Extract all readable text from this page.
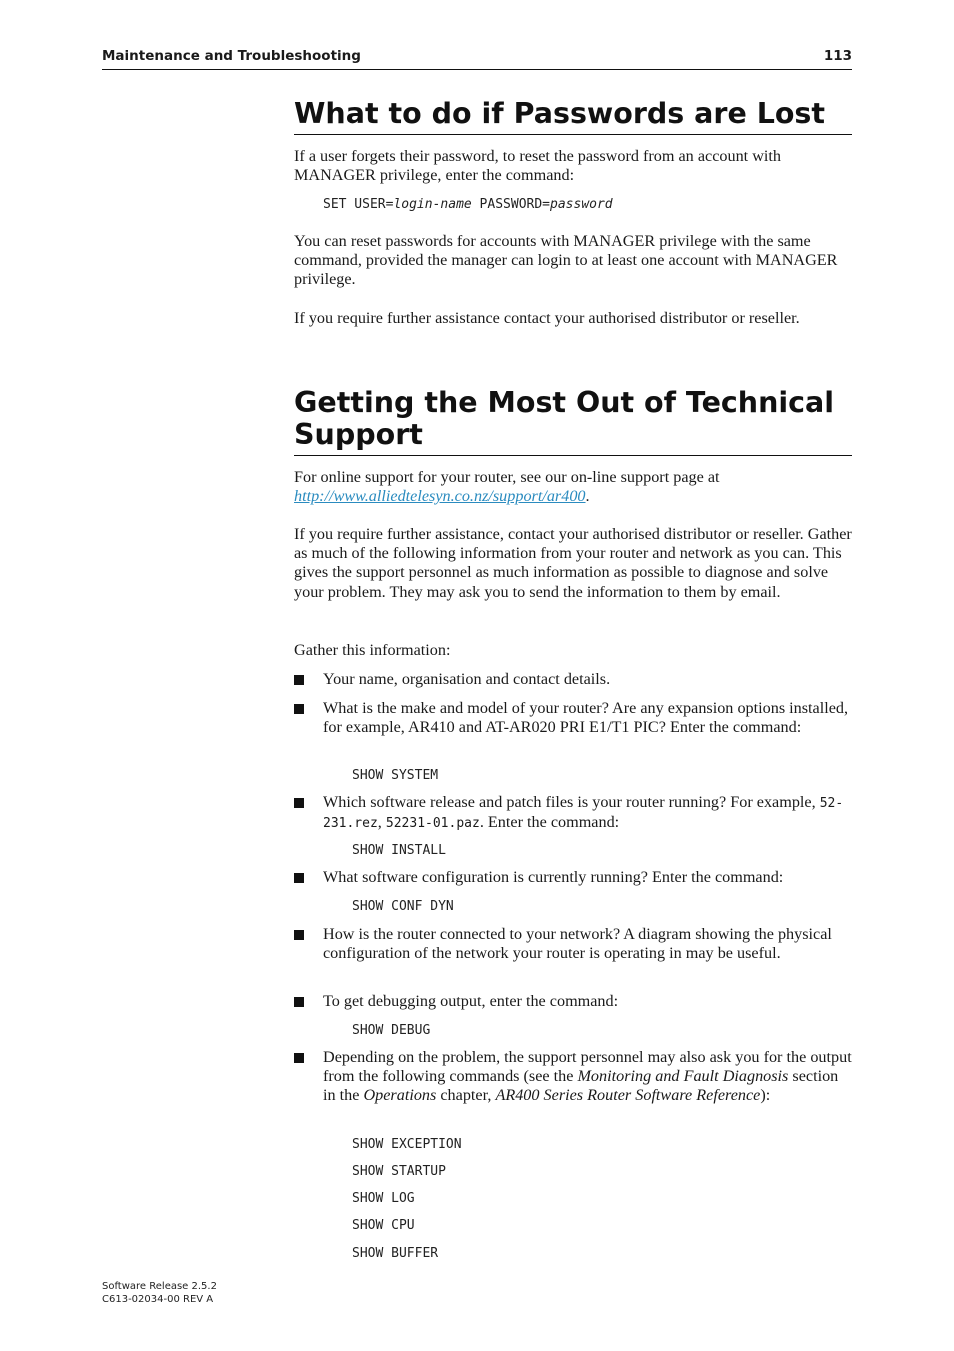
Maintenance and Troubleshooting	113
What to do if Passwords are Lost

If a user forgets their password, to reset the password from an account with MANAGER privilege, enter the command:

SET USER=login-name PASSWORD=password

You can reset passwords for accounts with MANAGER privilege with the same command, provided the manager can login to at least one account with MANAGER privilege.

If you require further assistance contact your authorised distributor or reseller.

Getting the Most Out of Technical Support

For online support for your router, see our on-line support page at http://www.alliedtelesyn.co.nz/support/ar400.

If you require further assistance, contact your authorised distributor or reseller. Gather as much of the following information from your router and network as you can. This gives the support personnel as much information as possible to diagnose and solve your problem. They may ask you to send the information to them by email.

Gather this information:

Your name, organisation and contact details.
What is the make and model of your router? Are any expansion options installed, for example, AR410 and AT-AR020 PRI E1/T1 PIC? Enter the command:
SHOW SYSTEM
Which software release and patch files is your router running? For example, 52-231.rez, 52231-01.paz. Enter the command:
SHOW INSTALL
What software configuration is currently running? Enter the command:
SHOW CONF DYN
How is the router connected to your network? A diagram showing the physical configuration of the network your router is operating in may be useful.
To get debugging output, enter the command:
SHOW DEBUG
Depending on the problem, the support personnel may also ask you for the output from the following commands (see the Monitoring and Fault Diagnosis section in the Operations chapter, AR400 Series Router Software Reference):
SHOW EXCEPTION
SHOW STARTUP
SHOW LOG
SHOW CPU
SHOW BUFFER
Software Release 2.5.2
C613-02034-00 REV A
